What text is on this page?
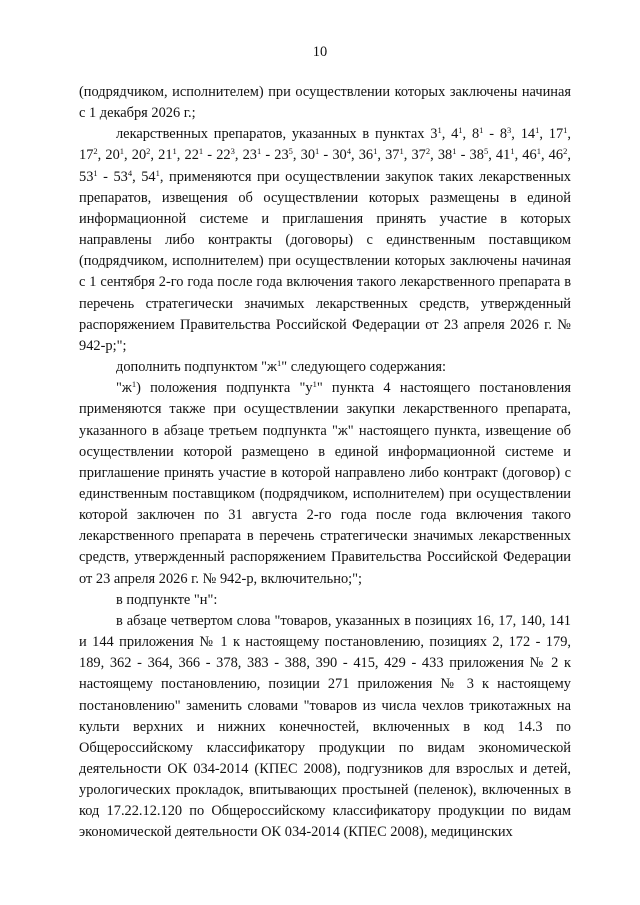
10

(подрядчиком, исполнителем) при осуществлении которых заключены начиная с 1 декабря 2026 г.;

лекарственных препаратов, указанных в пунктах $3^1$, $4^1$, $8^1 - 8^3$, $14^1$, $17^1$, $17^2$, $20^1$, $20^2$, $21^1$, $22^1 - 22^3$, $23^1 - 23^5$, $30^1 - 30^4$, $36^1$, $37^1$, $37^2$, $38^1 - 38^5$, $41^1$, $46^1$, $46^2$, $53^1 - 53^4$, $54^1$, применяются при осуществлении закупок таких лекарственных препаратов, извещения об осуществлении которых размещены в единой информационной системе и приглашения принять участие в которых направлены либо контракты (договоры) с единственным поставщиком (подрядчиком, исполнителем) при осуществлении которых заключены начиная с 1 сентября 2-го года после года включения такого лекарственного препарата в перечень стратегически значимых лекарственных средств, утвержденный распоряжением Правительства Российской Федерации от 23 апреля 2026 г. № 942-р;";

дополнить подпунктом "$ж^1$" следующего содержания:

"$ж^1$) положения подпункта "$у^1$" пункта 4 настоящего постановления применяются также при осуществлении закупки лекарственного препарата, указанного в абзаце третьем подпункта "ж" настоящего пункта, извещение об осуществлении которой размещено в единой информационной системе и приглашение принять участие в которой направлено либо контракт (договор) с единственным поставщиком (подрядчиком, исполнителем) при осуществлении которой заключен по 31 августа 2-го года после года включения такого лекарственного препарата в перечень стратегически значимых лекарственных средств, утвержденный распоряжением Правительства Российской Федерации от 23 апреля 2026 г. № 942-р, включительно;";

в подпункте "н":

в абзаце четвертом слова "товаров, указанных в позициях 16, 17, 140, 141 и 144 приложения № 1 к настоящему постановлению, позициях 2, 172 - 179, 189, 362 - 364, 366 - 378, 383 - 388, 390 - 415, 429 - 433 приложения № 2 к настоящему постановлению, позиции 271 приложения № 3 к настоящему постановлению" заменить словами "товаров из числа чехлов трикотажных на культи верхних и нижних конечностей, включенных в код 14.3 по Общероссийскому классификатору продукции по видам экономической деятельности ОК 034-2014 (КПЕС 2008), подгузников для взрослых и детей, урологических прокладок, впитывающих простыней (пеленок), включенных в код 17.22.12.120 по Общероссийскому классификатору продукции по видам экономической деятельности ОК 034-2014 (КПЕС 2008), медицинских
